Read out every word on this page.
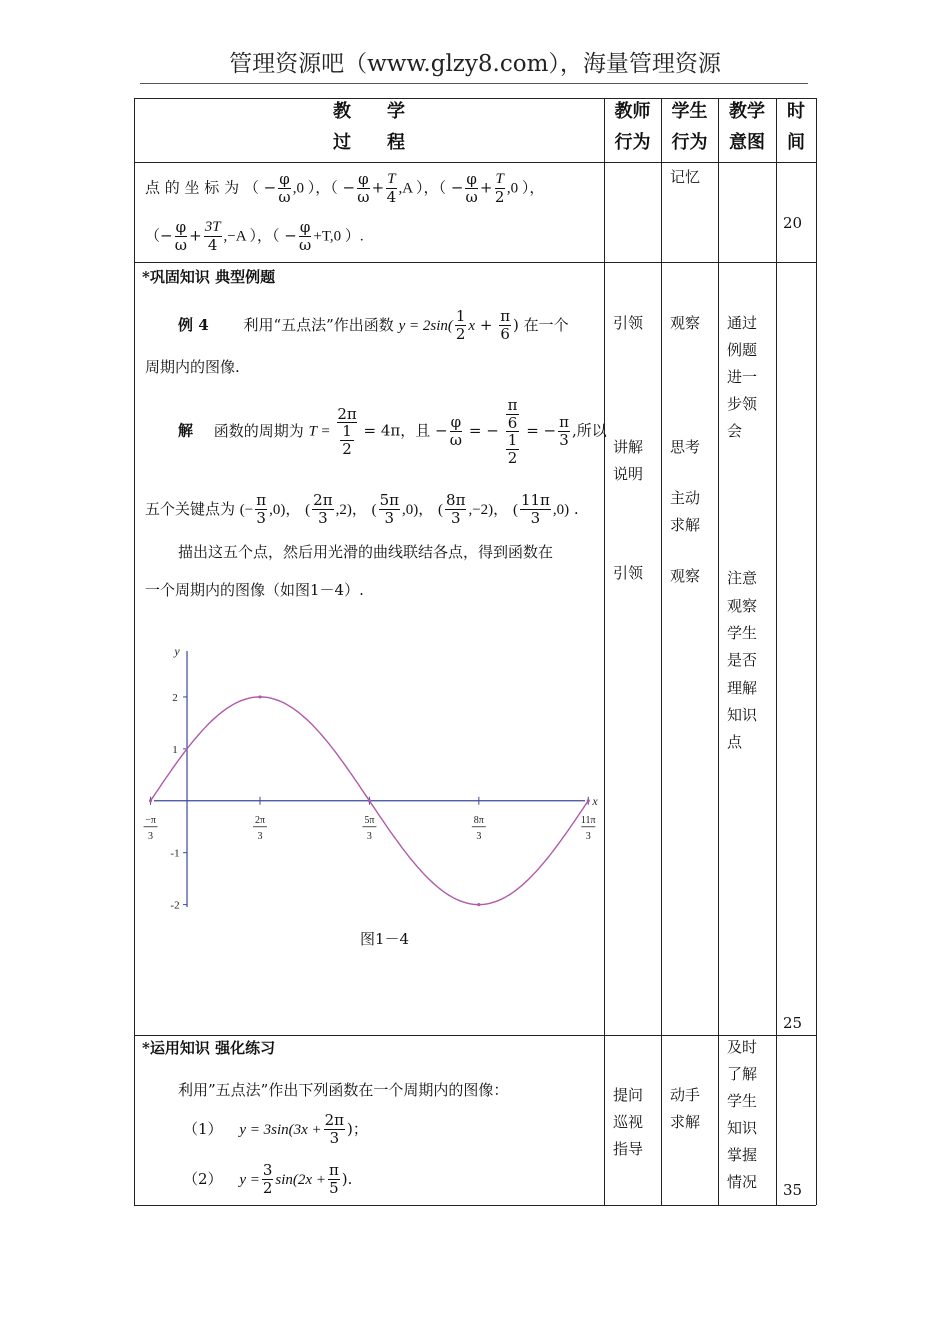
管理资源吧（www.glzy8.com），海量管理资源
教　　学
过　　程
教师
行为
学生
行为
教学
意图
时
间
点 的 坐 标 为 （ − $\frac{\varphi}{\omega} ,0$ ），（ − $\frac{\varphi}{\omega} + \frac{T}{4} ,A$ ），（ − $\frac{\varphi}{\omega} + \frac{T}{2} ,0$ ），
（− $\frac{\varphi}{\omega} + \frac{3T}{4} ,-A$ ），（ − $\frac{\varphi}{\omega} +T,0$ ）.
记忆
20
*巩固知识 典型例题
例 4 利用“五点法”作出函数 $y = 2\sin( \frac{1}{2}$ $x + \frac{\pi}{6}$ ) 在一个
周期内的图像.
解 函数的周期为 T = 2π
1
2 = 4π，且 − $\frac{\varphi}{\omega}$ = − π
6
1
2 = − $\frac{\pi}{3}$ ,所以
五个关键点为 (− $\frac{\pi}{3} ,0$)， ( $\frac{2\pi}{3} ,2$)， ( $\frac{5\pi}{3} ,0$)， ( $\frac{8\pi}{3} ,-2$)， ( $\frac{11\pi}{3} ,0$) .
描出这五个点，然后用光滑的曲线联结各点，得到函数在
一个周期内的图像（如图1－4）.
y
x
2
1
-1
-2
−π
3
2π
3
5π
3
8π
3
11π
3
图1－4
引领
讲解
说明
引领
观察
思考
主动
求解
观察
通过
例题
进一
步领
会
注意
观察
学生
是否
理解
知识
点
25
*运用知识 强化练习
利用”五点法”作出下列函数在一个周期内的图像：
（1） $y = 3\sin(3x + \frac{2\pi}{3}$ )；
（2） $y = \frac{3}{2} \sin(2x + \frac{\pi}{5}$ ).
提问
巡视
指导
动手
求解
及时
了解
学生
知识
掌握
情况	35
